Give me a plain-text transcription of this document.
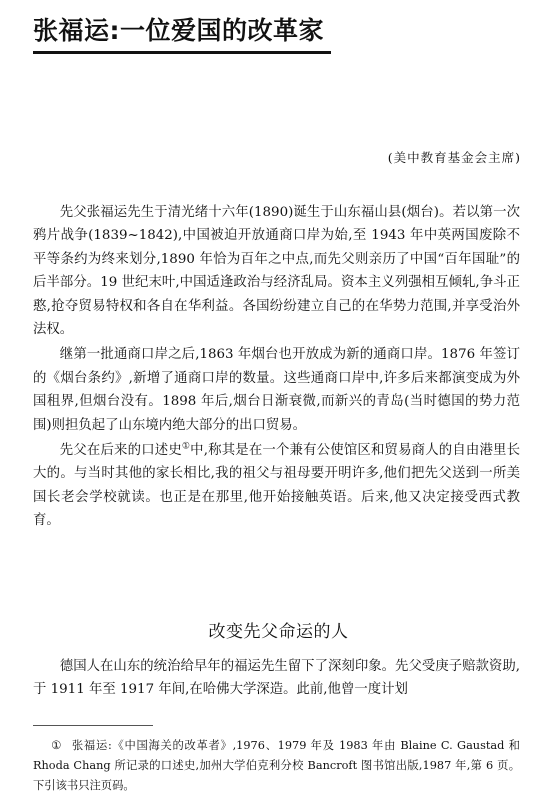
张福运:一位爱国的改革家
(美中教育基金会主席)

先父张福运先生于清光绪十六年(1890)诞生于山东福山县(烟台)。若以第一次鸦片战争(1839~1842),中国被迫开放通商口岸为始,至 1943 年中英两国废除不平等条约为终来划分,1890 年恰为百年之中点,而先父则亲历了中国“百年国耻”的后半部分。19 世纪末叶,中国适逢政治与经济乱局。资本主义列强相互倾轧,争斗正憨,抢夺贸易特权和各自在华利益。各国纷纷建立自己的在华势力范围,并享受治外法权。

继第一批通商口岸之后,1863 年烟台也开放成为新的通商口岸。1876 年签订的《烟台条约》,新增了通商口岸的数量。这些通商口岸中,许多后来都演变成为外国租界,但烟台没有。1898 年后,烟台日渐衰微,而新兴的青岛(当时德国的势力范围)则担负起了山东境内绝大部分的出口贸易。

先父在后来的口述史①中,称其是在一个兼有公使馆区和贸易商人的自由港里长大的。与当时其他的家长相比,我的祖父与祖母要开明许多,他们把先父送到一所美国长老会学校就读。也正是在那里,他开始接触英语。后来,他又决定接受西式教育。

改变先父命运的人

德国人在山东的统治给早年的福运先生留下了深刻印象。先父受庚子赔款资助,于 1911 年至 1917 年间,在哈佛大学深造。此前,他曾一度计划

① 张福运:《中国海关的改革者》,1976、1979 年及 1983 年由 Blaine C. Gaustad 和 Rhoda Chang 所记录的口述史,加州大学伯克利分校 Bancroft 图书馆出版,1987 年,第 6 页。下引该书只注页码。
